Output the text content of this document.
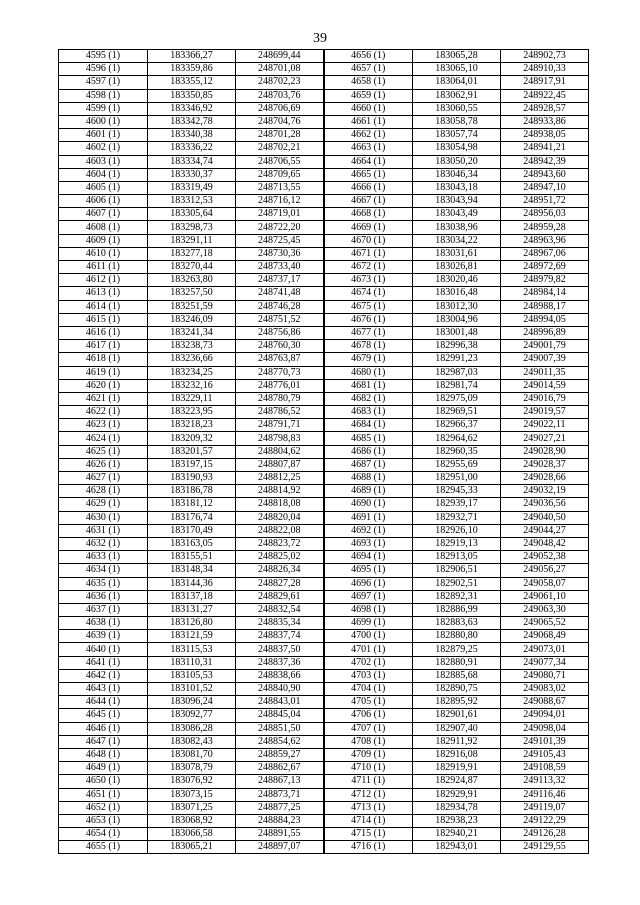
39
4595 (1)	183366,27	248699,44	4656 (1)	183065,28	248902,73
4596 (1)	183359,86	248701,08	4657 (1)	183065,10	248910,33
4597 (1)	183355,12	248702,23	4658 (1)	183064,01	248917,91
4598 (1)	183350,85	248703,76	4659 (1)	183062,91	248922,45
4599 (1)	183346,92	248706,69	4660 (1)	183060,55	248928,57
4600 (1)	183342,78	248704,76	4661 (1)	183058,78	248933,86
4601 (1)	183340,38	248701,28	4662 (1)	183057,74	248938,05
4602 (1)	183336,22	248702,21	4663 (1)	183054,98	248941,21
4603 (1)	183334,74	248706,55	4664 (1)	183050,20	248942,39
4604 (1)	183330,37	248709,65	4665 (1)	183046,34	248943,60
4605 (1)	183319,49	248713,55	4666 (1)	183043,18	248947,10
4606 (1)	183312,53	248716,12	4667 (1)	183043,94	248951,72
4607 (1)	183305,64	248719,01	4668 (1)	183043,49	248956,03
4608 (1)	183298,73	248722,20	4669 (1)	183038,96	248959,28
4609 (1)	183291,11	248725,45	4670 (1)	183034,22	248963,96
4610 (1)	183277,18	248730,36	4671 (1)	183031,61	248967,06
4611 (1)	183270,44	248733,40	4672 (1)	183026,81	248972,69
4612 (1)	183263,80	248737,17	4673 (1)	183020,46	248979,82
4613 (1)	183257,50	248741,48	4674 (1)	183016,48	248984,14
4614 (1)	183251,59	248746,28	4675 (1)	183012,30	248988,17
4615 (1)	183246,09	248751,52	4676 (1)	183004,96	248994,05
4616 (1)	183241,34	248756,86	4677 (1)	183001,48	248996,89
4617 (1)	183238,73	248760,30	4678 (1)	182996,38	249001,79
4618 (1)	183236,66	248763,87	4679 (1)	182991,23	249007,39
4619 (1)	183234,25	248770,73	4680 (1)	182987,03	249011,35
4620 (1)	183232,16	248776,01	4681 (1)	182981,74	249014,59
4621 (1)	183229,11	248780,79	4682 (1)	182975,09	249016,79
4622 (1)	183223,95	248786,52	4683 (1)	182969,51	249019,57
4623 (1)	183218,23	248791,71	4684 (1)	182966,37	249022,11
4624 (1)	183209,32	248798,83	4685 (1)	182964,62	249027,21
4625 (1)	183201,57	248804,62	4686 (1)	182960,35	249028,90
4626 (1)	183197,15	248807,87	4687 (1)	182955,69	249028,37
4627 (1)	183190,93	248812,25	4688 (1)	182951,00	249028,66
4628 (1)	183186,78	248814,92	4689 (1)	182945,33	249032,19
4629 (1)	183181,12	248818,08	4690 (1)	182939,17	249036,56
4630 (1)	183176,74	248820,04	4691 (1)	182932,71	249040,50
4631 (1)	183170,49	248822,08	4692 (1)	182926,10	249044,27
4632 (1)	183163,05	248823,72	4693 (1)	182919,13	249048,42
4633 (1)	183155,51	248825,02	4694 (1)	182913,05	249052,38
4634 (1)	183148,34	248826,34	4695 (1)	182906,51	249056,27
4635 (1)	183144,36	248827,28	4696 (1)	182902,51	249058,07
4636 (1)	183137,18	248829,61	4697 (1)	182892,31	249061,10
4637 (1)	183131,27	248832,54	4698 (1)	182886,99	249063,30
4638 (1)	183126,80	248835,34	4699 (1)	182883,63	249065,52
4639 (1)	183121,59	248837,74	4700 (1)	182880,80	249068,49
4640 (1)	183115,53	248837,50	4701 (1)	182879,25	249073,01
4641 (1)	183110,31	248837,36	4702 (1)	182880,91	249077,34
4642 (1)	183105,53	248838,66	4703 (1)	182885,68	249080,71
4643 (1)	183101,52	248840,90	4704 (1)	182890,75	249083,02
4644 (1)	183096,24	248843,01	4705 (1)	182895,92	249088,67
4645 (1)	183092,77	248845,04	4706 (1)	182901,61	249094,01
4646 (1)	183086,28	248851,50	4707 (1)	182907,40	249098,04
4647 (1)	183082,43	248854,62	4708 (1)	182911,92	249101,39
4648 (1)	183081,70	248859,27	4709 (1)	182916,08	249105,43
4649 (1)	183078,79	248862,67	4710 (1)	182919,91	249108,59
4650 (1)	183076,92	248867,13	4711 (1)	182924,87	249113,32
4651 (1)	183073,15	248873,71	4712 (1)	182929,91	249116,46
4652 (1)	183071,25	248877,25	4713 (1)	182934,78	249119,07
4653 (1)	183068,92	248884,23	4714 (1)	182938,23	249122,29
4654 (1)	183066,58	248891,55	4715 (1)	182940,21	249126,28
4655 (1)	183065,21	248897,07	4716 (1)	182943,01	249129,55
